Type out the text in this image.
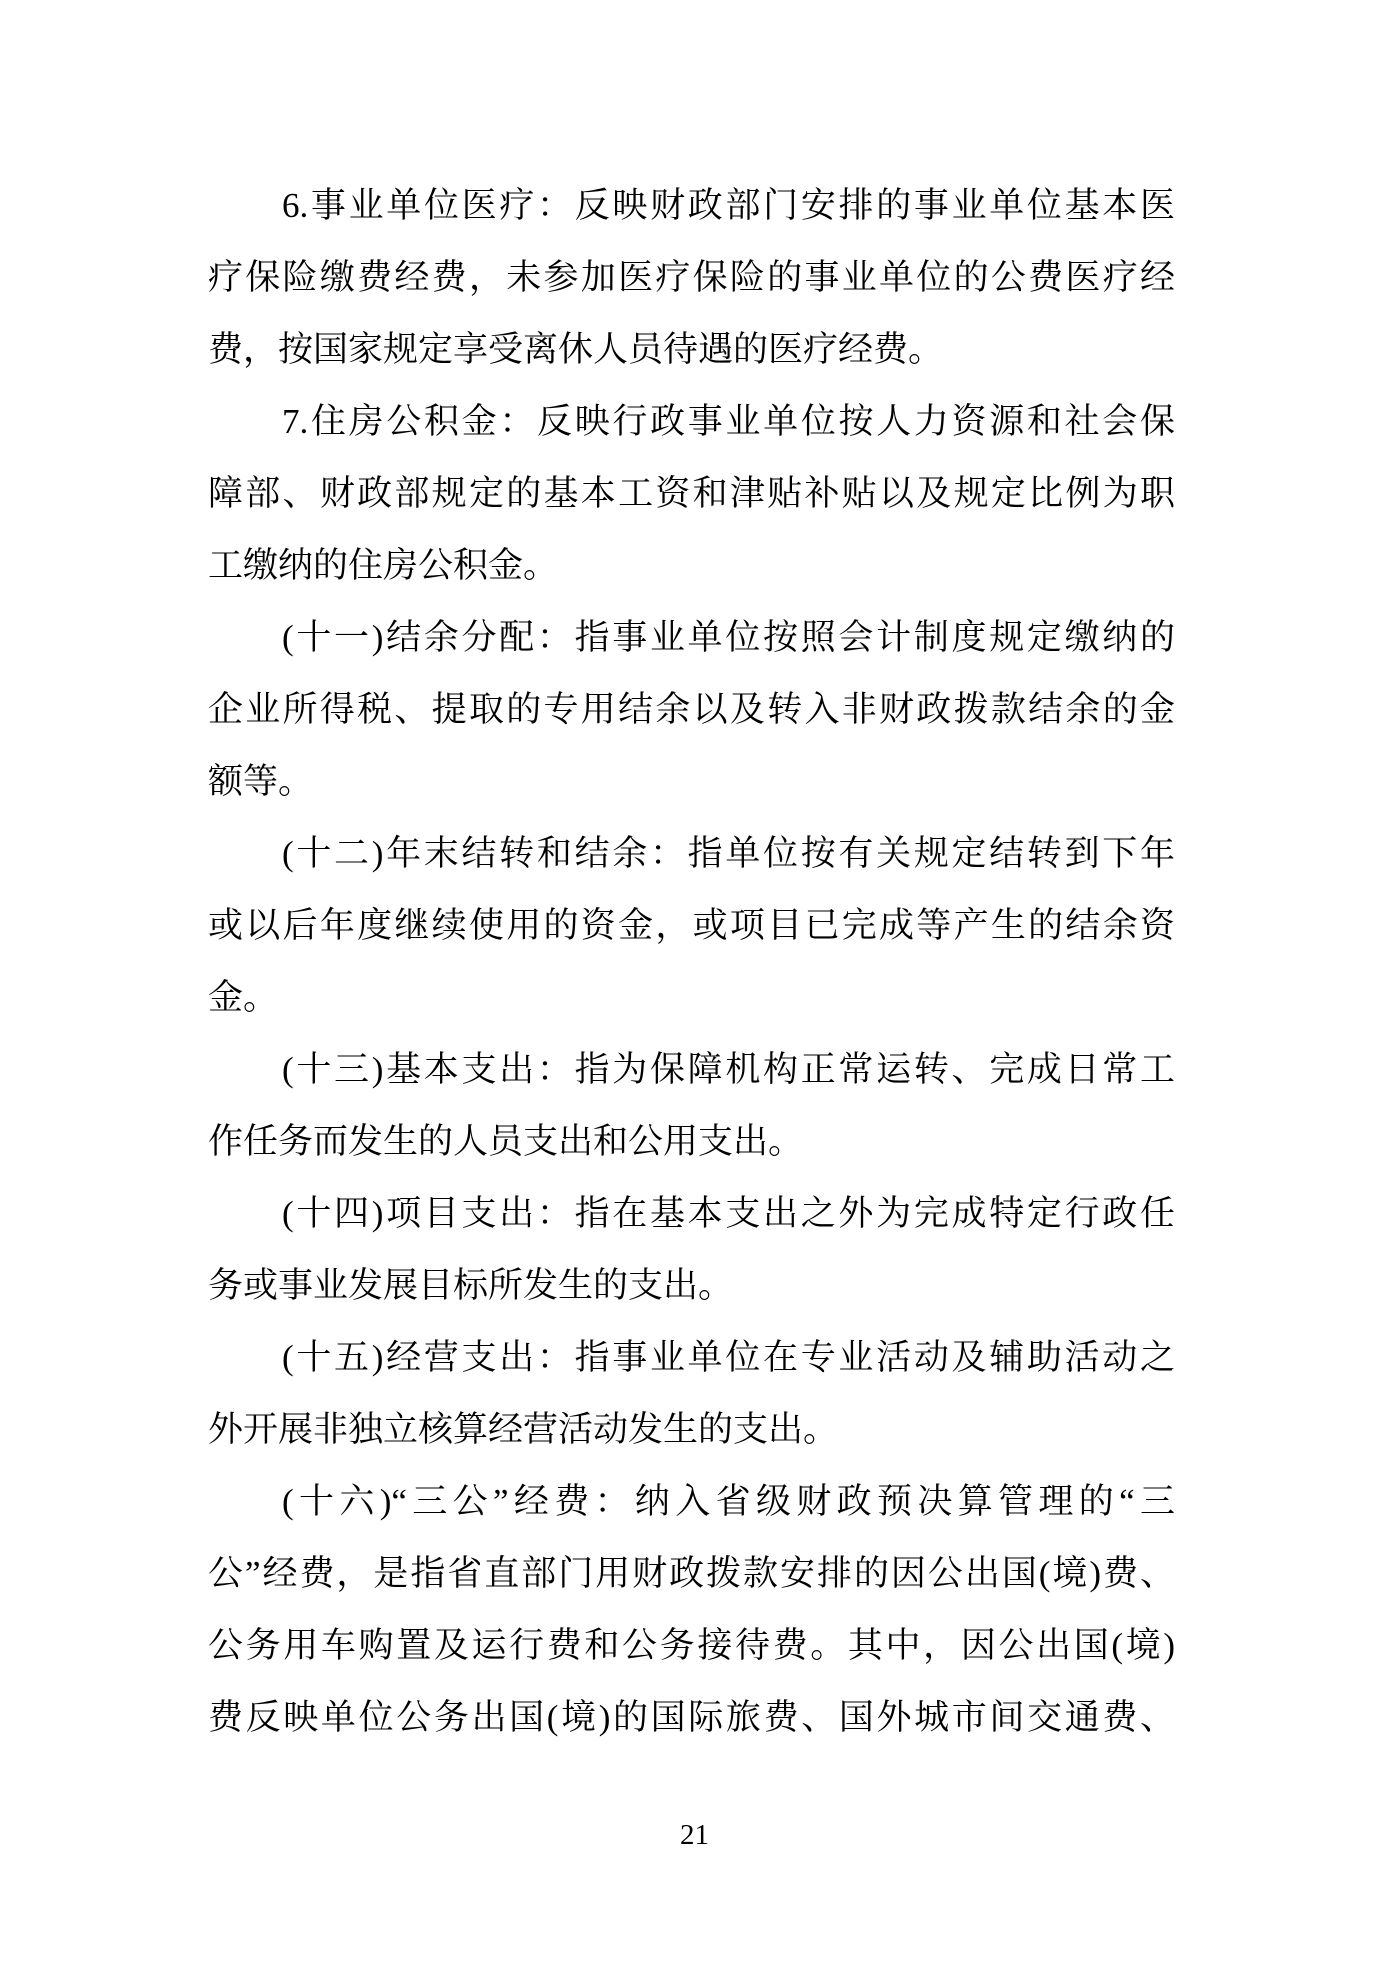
6.事业单位医疗：反映财政部门安排的事业单位基本医
疗保险缴费经费，未参加医疗保险的事业单位的公费医疗经
费，按国家规定享受离休人员待遇的医疗经费。
7.住房公积金：反映行政事业单位按人力资源和社会保
障部、财政部规定的基本工资和津贴补贴以及规定比例为职
工缴纳的住房公积金。
(十一)结余分配：指事业单位按照会计制度规定缴纳的
企业所得税、提取的专用结余以及转入非财政拨款结余的金
额等。
(十二)年末结转和结余：指单位按有关规定结转到下年
或以后年度继续使用的资金，或项目已完成等产生的结余资
金。
(十三)基本支出：指为保障机构正常运转、完成日常工
作任务而发生的人员支出和公用支出。
(十四)项目支出：指在基本支出之外为完成特定行政任
务或事业发展目标所发生的支出。
(十五)经营支出：指事业单位在专业活动及辅助活动之
外开展非独立核算经营活动发生的支出。
(十六)“三公”经费：纳入省级财政预决算管理的“三
公”经费，是指省直部门用财政拨款安排的因公出国(境)费、
公务用车购置及运行费和公务接待费。其中，因公出国(境)
费反映单位公务出国(境)的国际旅费、国外城市间交通费、
21
